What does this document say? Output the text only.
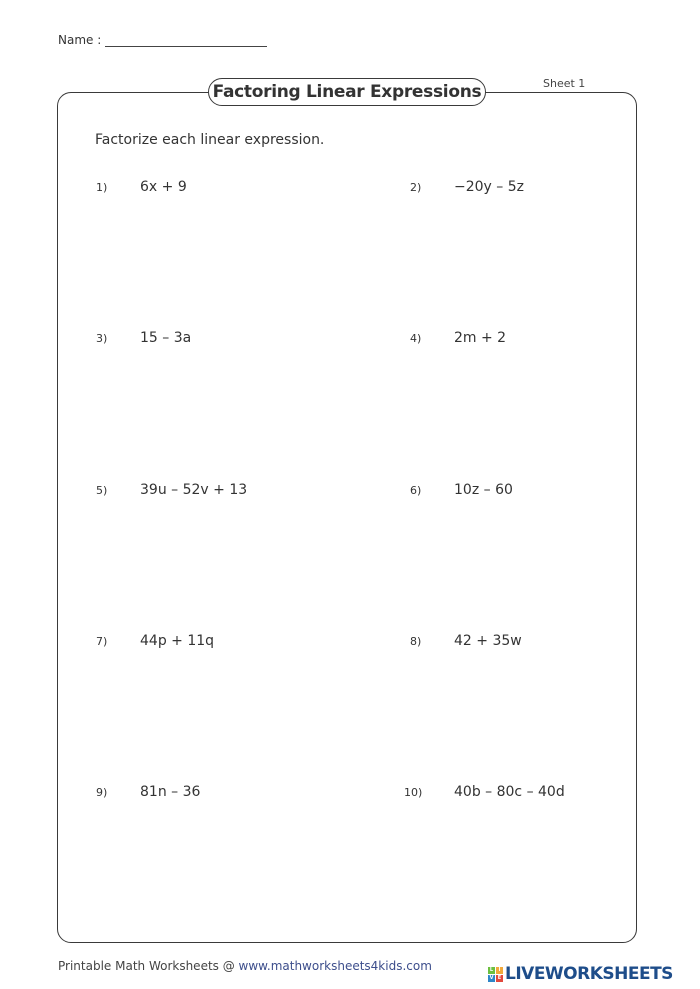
Name :
Factoring Linear Expressions	Sheet 1
Factorize each linear expression.
1)	6x + 9	2)	−20y – 5z
3)	15 – 3a	4)	2m + 2
5)	39u – 52v + 13	6)	10z – 60
7)	44p + 11q	8)	42 + 35w
9)	81n – 36	10)	40b – 80c – 40d
Printable Math Worksheets @ www.mathworksheets4kids.com	L	I
V E LIVEWORKSHEETS
